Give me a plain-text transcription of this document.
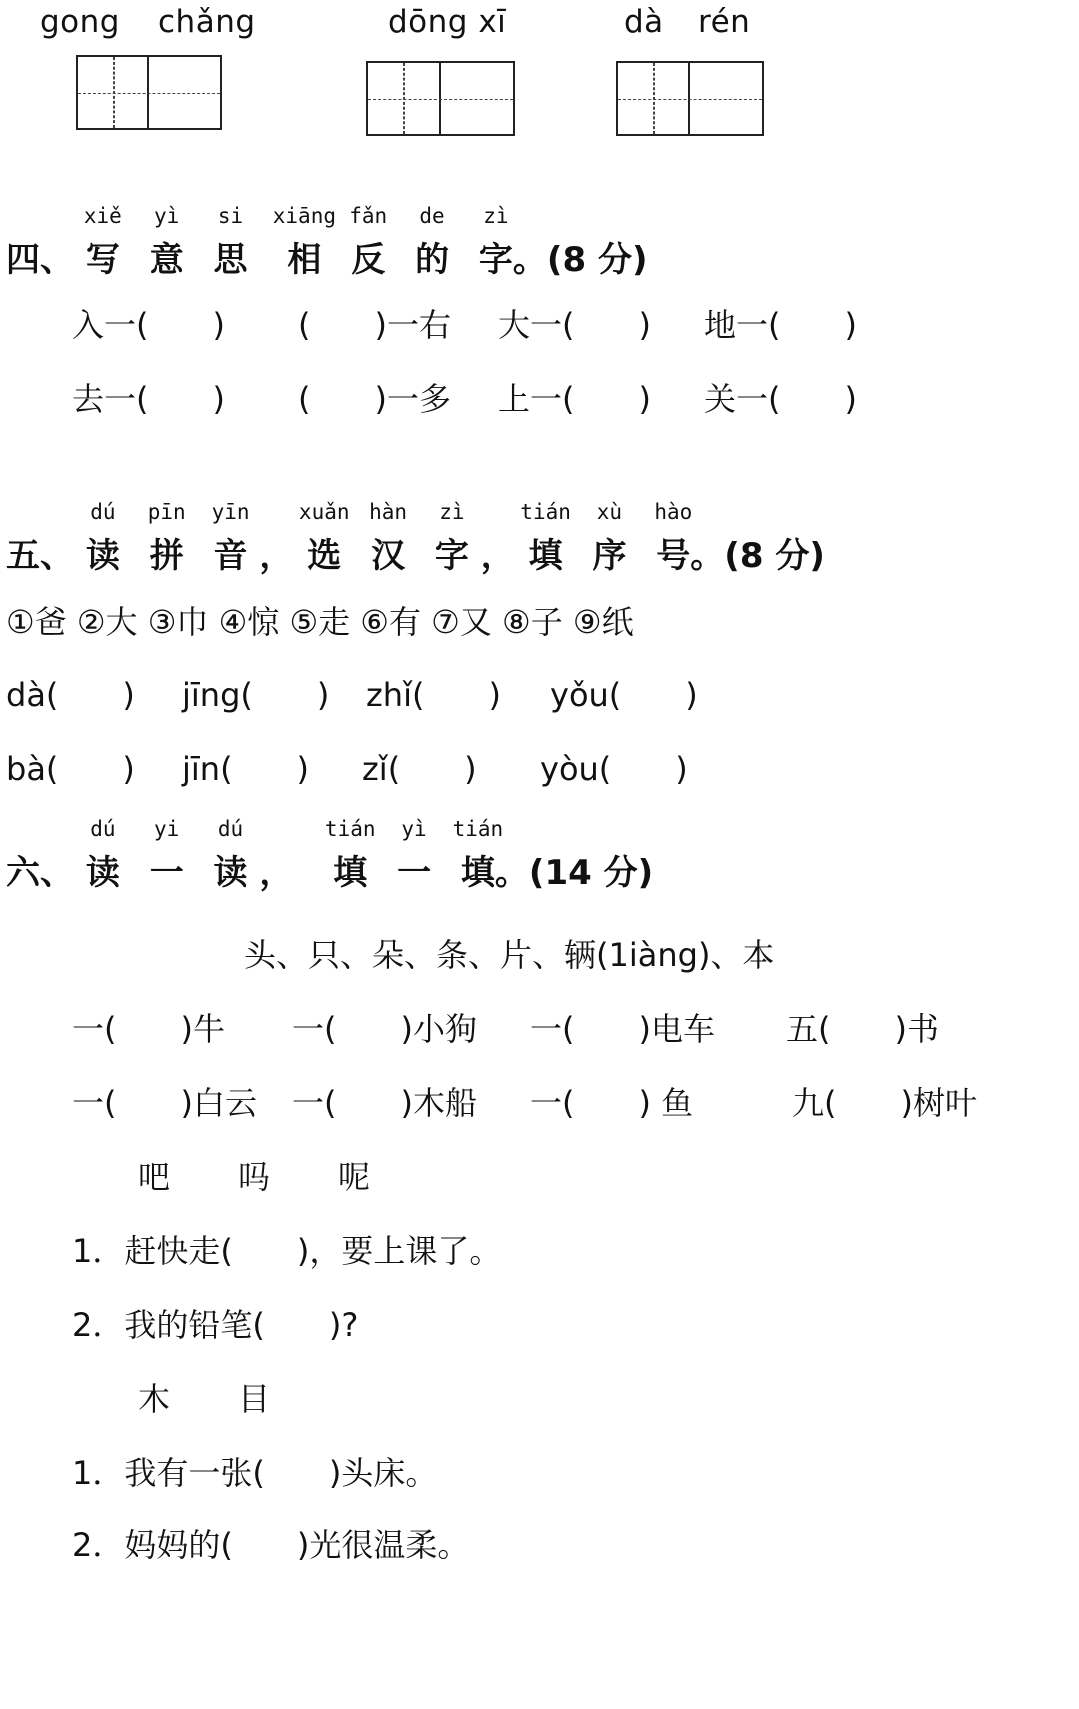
gong chǎng	dōng xī	dà rén
四、
xiě
写
yì
意
si
思
xiāng
相
fǎn
反
de
的
zì
字。(8 分)
入一(　　) (　　)一右 大一(　　) 地一(　　)
去一(　　) (　　)一多 上一(　　) 关一(　　)
五、
dú
读
pīn
拼
yīn
音 ，
xuǎn
选
hàn
汉
zì
字 ，
tián
填
xù
序
hào
号。(8 分)
①爸 ②大 ③巾 ④惊 ⑤走 ⑥有 ⑦又 ⑧子 ⑨纸
dà(　　) jīng(　　) zhǐ(　　) yǒu(　　)
bà(　　) jīn(　　) zǐ(　　) yòu(　　)
六、
dú
读
yi
一
dú
读 ，
tián
填
yì
一
tián
填。(14 分)
头、只、朵、条、片、辆(1iàng)、本
一(　　)牛 一(　　)小狗 一(　　)电车 五(　　)书
一(　　)白云 一(　　)木船 一(　　) 鱼	九(　　)树叶
吧 吗 呢
1．赶快走(　　)，要上课了。
2．我的铅笔(　　)?
木 目
1．我有一张(　　)头床。
2．妈妈的(　　)光很温柔。
